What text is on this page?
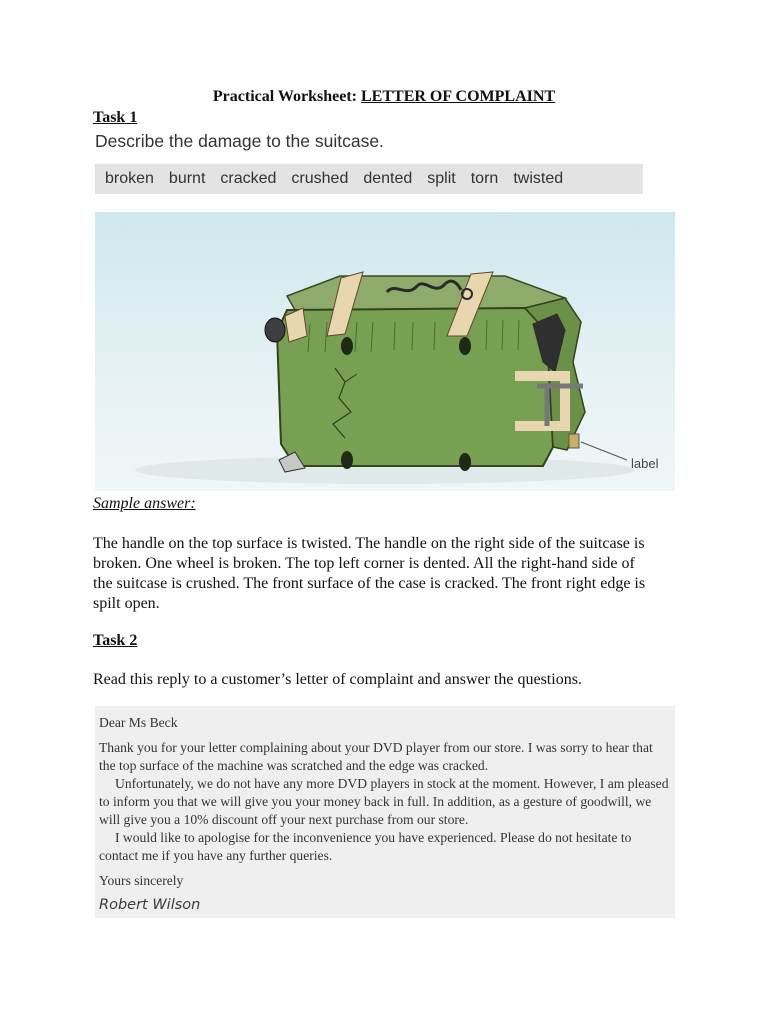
Practical Worksheet: LETTER OF COMPLAINT
Task 1
Describe the damage to the suitcase.
broken burnt cracked crushed dented split torn twisted
label
Sample answer:
The handle on the top surface is twisted. The handle on the right side of the suitcase is broken. One wheel is broken. The top left corner is dented. All the right-hand side of the suitcase is crushed. The front surface of the case is cracked. The front right edge is spilt open.
Task 2
Read this reply to a customer’s letter of complaint and answer the questions.
Dear Ms Beck

Thank you for your letter complaining about your DVD player from our store. I was sorry to hear that the top surface of the machine was scratched and the edge was cracked.

Unfortunately, we do not have any more DVD players in stock at the moment. However, I am pleased to inform you that we will give you your money back in full. In addition, as a gesture of goodwill, we will give you a 10% discount off your next purchase from our store.

I would like to apologise for the inconvenience you have experienced. Please do not hesitate to contact me if you have any further queries.

Yours sincerely
Robert Wilson
